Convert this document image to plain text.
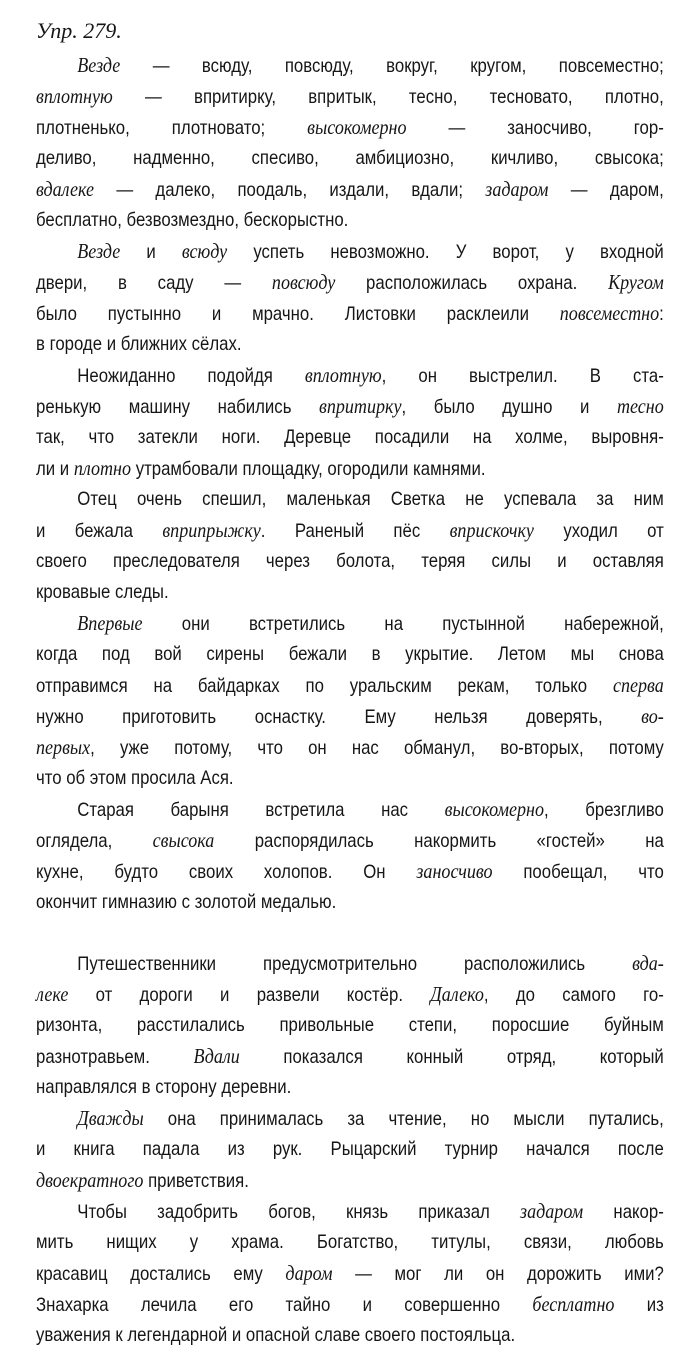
Упр. 279.
Везде — всюду, повсюду, вокруг, кругом, повсеместно;
вплотную — впритирку, впритык, тесно, тесновато, плотно,
плотненько, плотновато; высокомерно — заносчиво, гор-
деливо, надменно, спесиво, амбициозно, кичливо, свысока;
вдалеке — далеко, поодаль, издали, вдали; задаром — даром,
бесплатно, безвозмездно, бескорыстно.
Везде и всюду успеть невозможно. У ворот, у входной
двери, в саду — повсюду расположилась охрана. Кругом
было пустынно и мрачно. Листовки расклеили повсеместно:
в городе и ближних сёлах.
Неожиданно подойдя вплотную, он выстрелил. В ста-
ренькую машину набились впритирку, было душно и тесно
так, что затекли ноги. Деревце посадили на холме, выровня-
ли и плотно утрамбовали площадку, огородили камнями.
Отец очень спешил, маленькая Светка не успевала за ним
и бежала вприпрыжку. Раненый пёс вприскочку уходил от
своего преследователя через болота, теряя силы и оставляя
кровавые следы.
Впервые они встретились на пустынной набережной,
когда под вой сирены бежали в укрытие. Летом мы снова
отправимся на байдарках по уральским рекам, только сперва
нужно приготовить оснастку. Ему нельзя доверять, во-
первых, уже потому, что он нас обманул, во-вторых, потому
что об этом просила Ася.
Старая барыня встретила нас высокомерно, брезгливо
оглядела, свысока распорядилась накормить «гостей» на
кухне, будто своих холопов. Он заносчиво пообещал, что
окончит гимназию с золотой медалью.
Путешественники предусмотрительно расположились вда-
леке от дороги и развели костёр. Далеко, до самого го-
ризонта, расстилались привольные степи, поросшие буйным
разнотравьем. Вдали показался конный отряд, который
направлялся в сторону деревни.
Дважды она принималась за чтение, но мысли путались,
и книга падала из рук. Рыцарский турнир начался после
двоекратного приветствия.
Чтобы задобрить богов, князь приказал задаром накор-
мить нищих у храма. Богатство, титулы, связи, любовь
красавиц достались ему даром — мог ли он дорожить ими?
Знахарка лечила его тайно и совершенно бесплатно из
уважения к легендарной и опасной славе своего постояльца.
